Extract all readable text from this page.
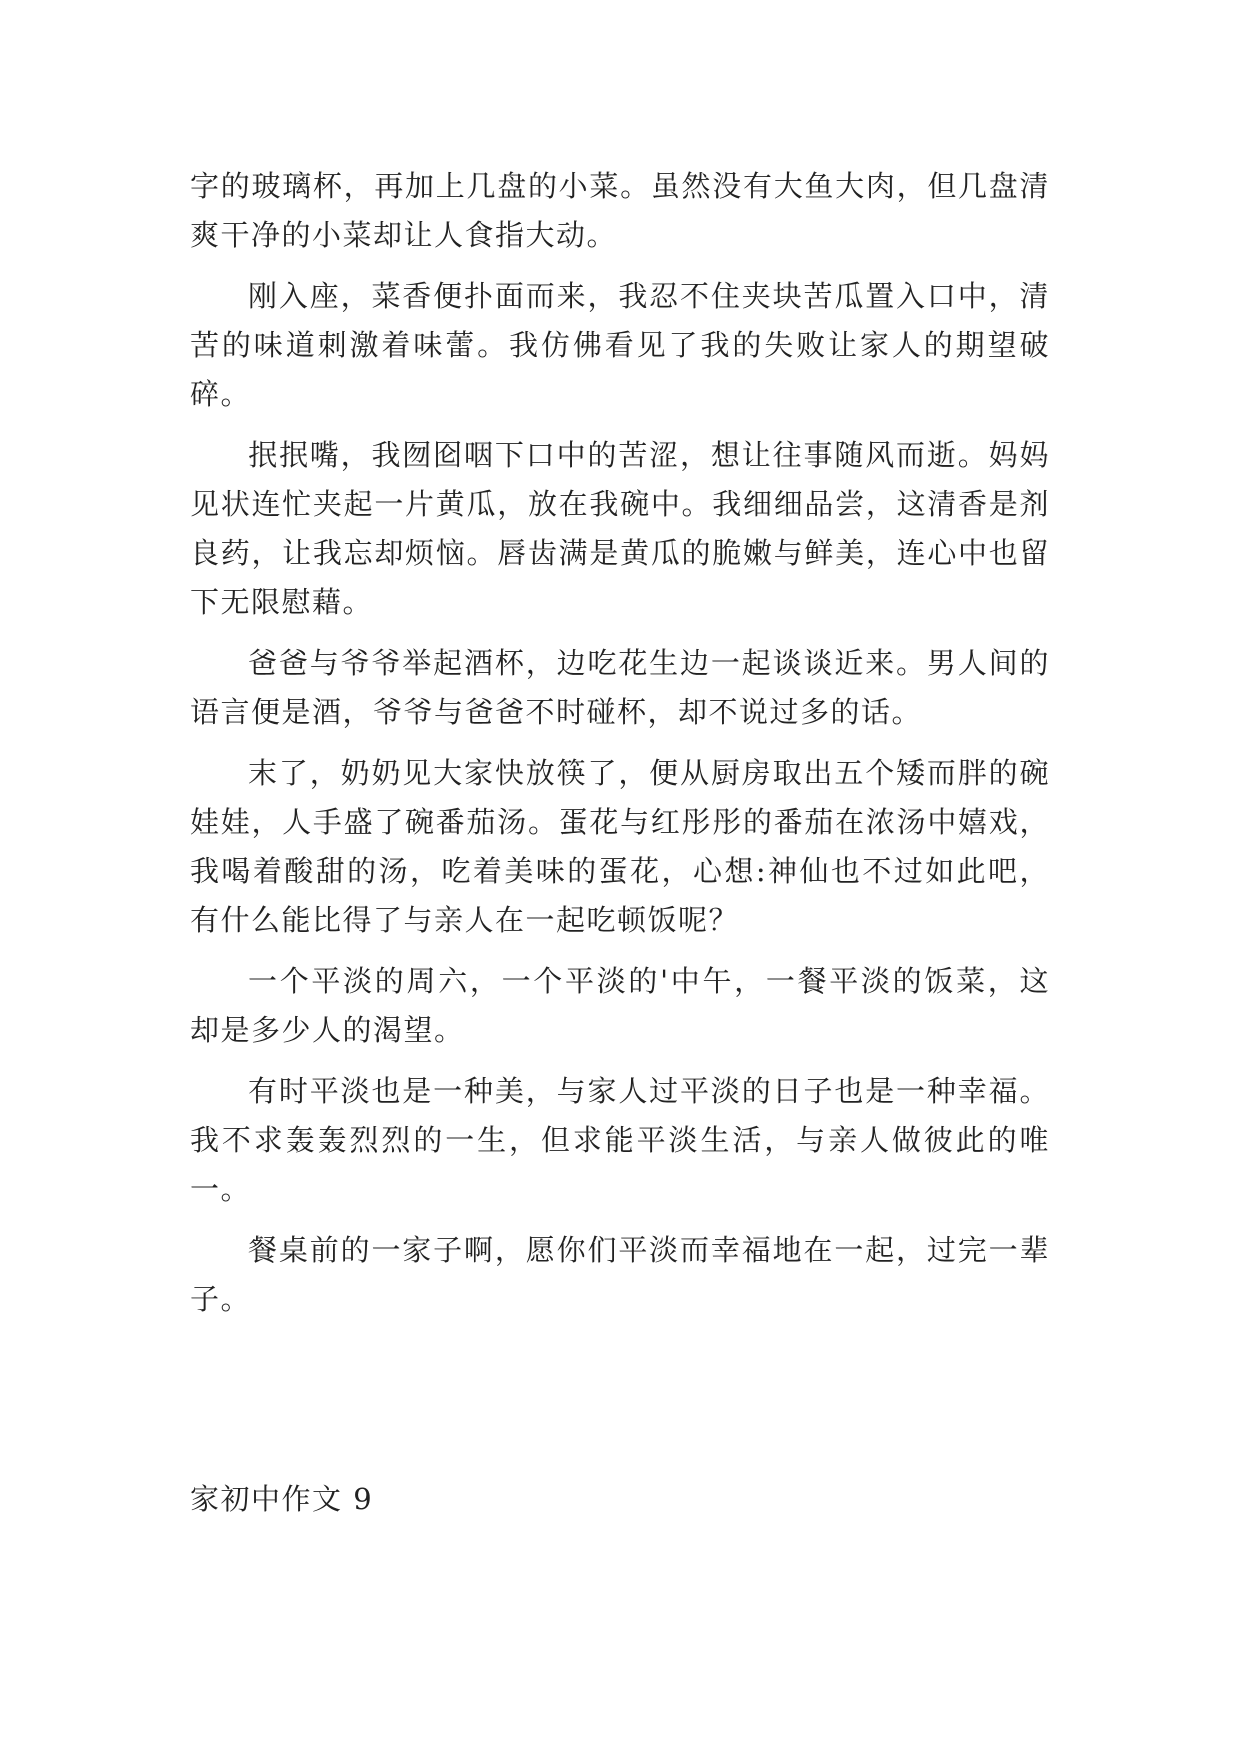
字的玻璃杯，再加上几盘的小菜。虽然没有大鱼大肉，但几盘清爽干净的小菜却让人食指大动。

刚入座，菜香便扑面而来，我忍不住夹块苦瓜置入口中，清苦的味道刺激着味蕾。我仿佛看见了我的失败让家人的期望破碎。

抿抿嘴，我囫囵咽下口中的苦涩，想让往事随风而逝。妈妈见状连忙夹起一片黄瓜，放在我碗中。我细细品尝，这清香是剂良药，让我忘却烦恼。唇齿满是黄瓜的脆嫩与鲜美，连心中也留下无限慰藉。

爸爸与爷爷举起酒杯，边吃花生边一起谈谈近来。男人间的语言便是酒，爷爷与爸爸不时碰杯，却不说过多的话。

末了，奶奶见大家快放筷了，便从厨房取出五个矮而胖的碗娃娃，人手盛了碗番茄汤。蛋花与红彤彤的番茄在浓汤中嬉戏，我喝着酸甜的汤，吃着美味的蛋花，心想:神仙也不过如此吧，有什么能比得了与亲人在一起吃顿饭呢？

一个平淡的周六，一个平淡的'中午，一餐平淡的饭菜，这却是多少人的渴望。

有时平淡也是一种美，与家人过平淡的日子也是一种幸福。我不求轰轰烈烈的一生，但求能平淡生活，与亲人做彼此的唯一。

餐桌前的一家子啊，愿你们平淡而幸福地在一起，过完一辈子。

家初中作文 9
